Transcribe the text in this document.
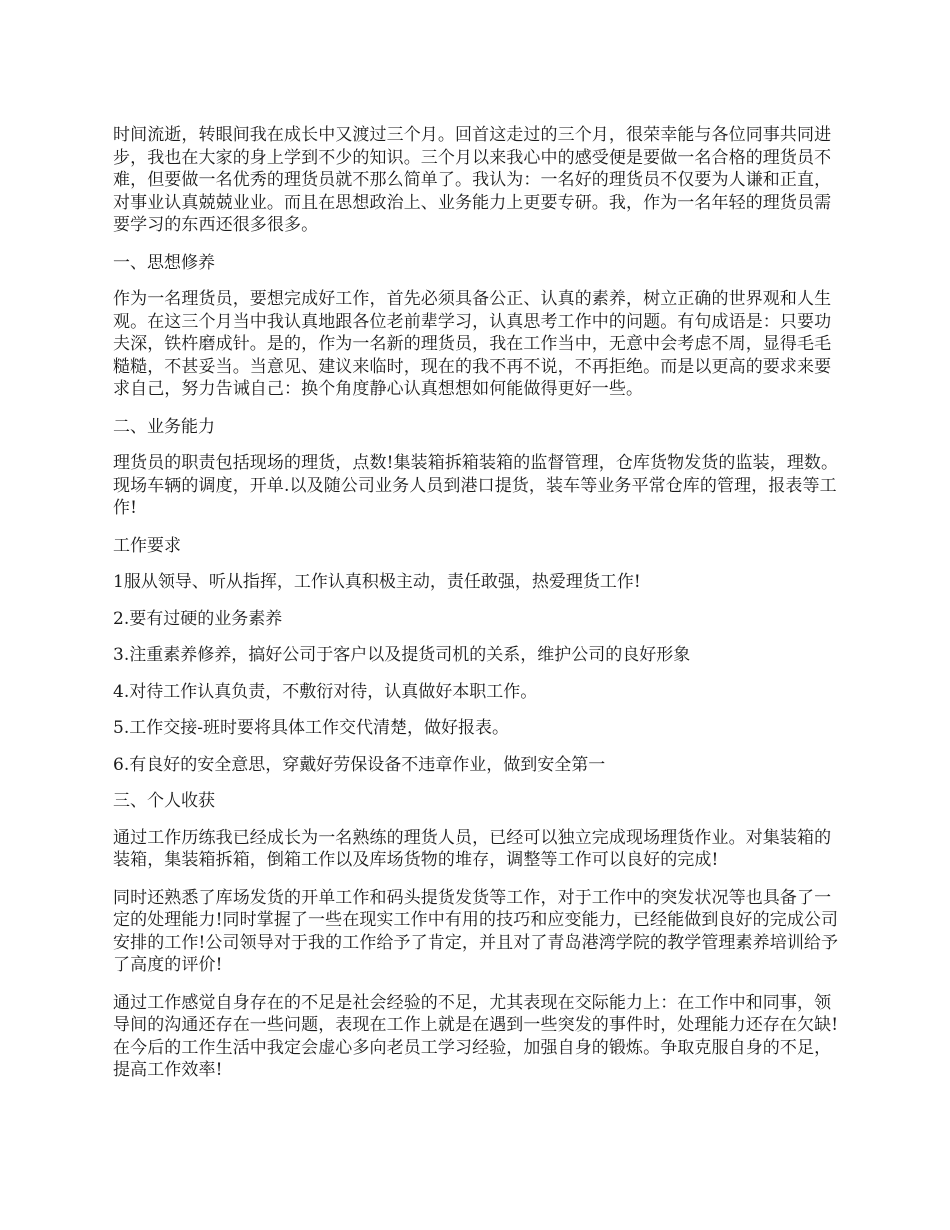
时间流逝，转眼间我在成长中又渡过三个月。回首这走过的三个月，很荣幸能与各位同事共同进步，我也在大家的身上学到不少的知识。三个月以来我心中的感受便是要做一名合格的理货员不难，但要做一名优秀的理货员就不那么简单了。我认为：一名好的理货员不仅要为人谦和正直，对事业认真兢兢业业。而且在思想政治上、业务能力上更要专研。我，作为一名年轻的理货员需要学习的东西还很多很多。

一、思想修养

作为一名理货员，要想完成好工作，首先必须具备公正、认真的素养，树立正确的世界观和人生观。在这三个月当中我认真地跟各位老前辈学习，认真思考工作中的问题。有句成语是：只要功夫深，铁杵磨成针。是的，作为一名新的理货员，我在工作当中，无意中会考虑不周，显得毛毛糙糙，不甚妥当。当意见、建议来临时，现在的我不再不说，不再拒绝。而是以更高的要求来要求自己，努力告诫自己：换个角度静心认真想想如何能做得更好一些。

二、业务能力

理货员的职责包括现场的理货，点数!集装箱拆箱装箱的监督管理，仓库货物发货的监装，理数。现场车辆的调度，开单.以及随公司业务人员到港口提货，装车等业务平常仓库的管理，报表等工作!

工作要求

1服从领导、听从指挥，工作认真积极主动，责任敢强，热爱理货工作!

2.要有过硬的业务素养

3.注重素养修养，搞好公司于客户以及提货司机的关系，维护公司的良好形象

4.对待工作认真负责，不敷衍对待，认真做好本职工作。

5.工作交接-班时要将具体工作交代清楚，做好报表。

6.有良好的安全意思，穿戴好劳保设备不违章作业，做到安全第一

三、个人收获

通过工作历练我已经成长为一名熟练的理货人员，已经可以独立完成现场理货作业。对集装箱的装箱，集装箱拆箱，倒箱工作以及库场货物的堆存，调整等工作可以良好的完成!

同时还熟悉了库场发货的开单工作和码头提货发货等工作，对于工作中的突发状况等也具备了一定的处理能力!同时掌握了一些在现实工作中有用的技巧和应变能力，已经能做到良好的完成公司安排的工作!公司领导对于我的工作给予了肯定，并且对了青岛港湾学院的教学管理素养培训给予了高度的评价!

通过工作感觉自身存在的不足是社会经验的不足，尤其表现在交际能力上：在工作中和同事，领导间的沟通还存在一些问题，表现在工作上就是在遇到一些突发的事件时，处理能力还存在欠缺!在今后的工作生活中我定会虚心多向老员工学习经验，加强自身的锻炼。争取克服自身的不足，提高工作效率!
